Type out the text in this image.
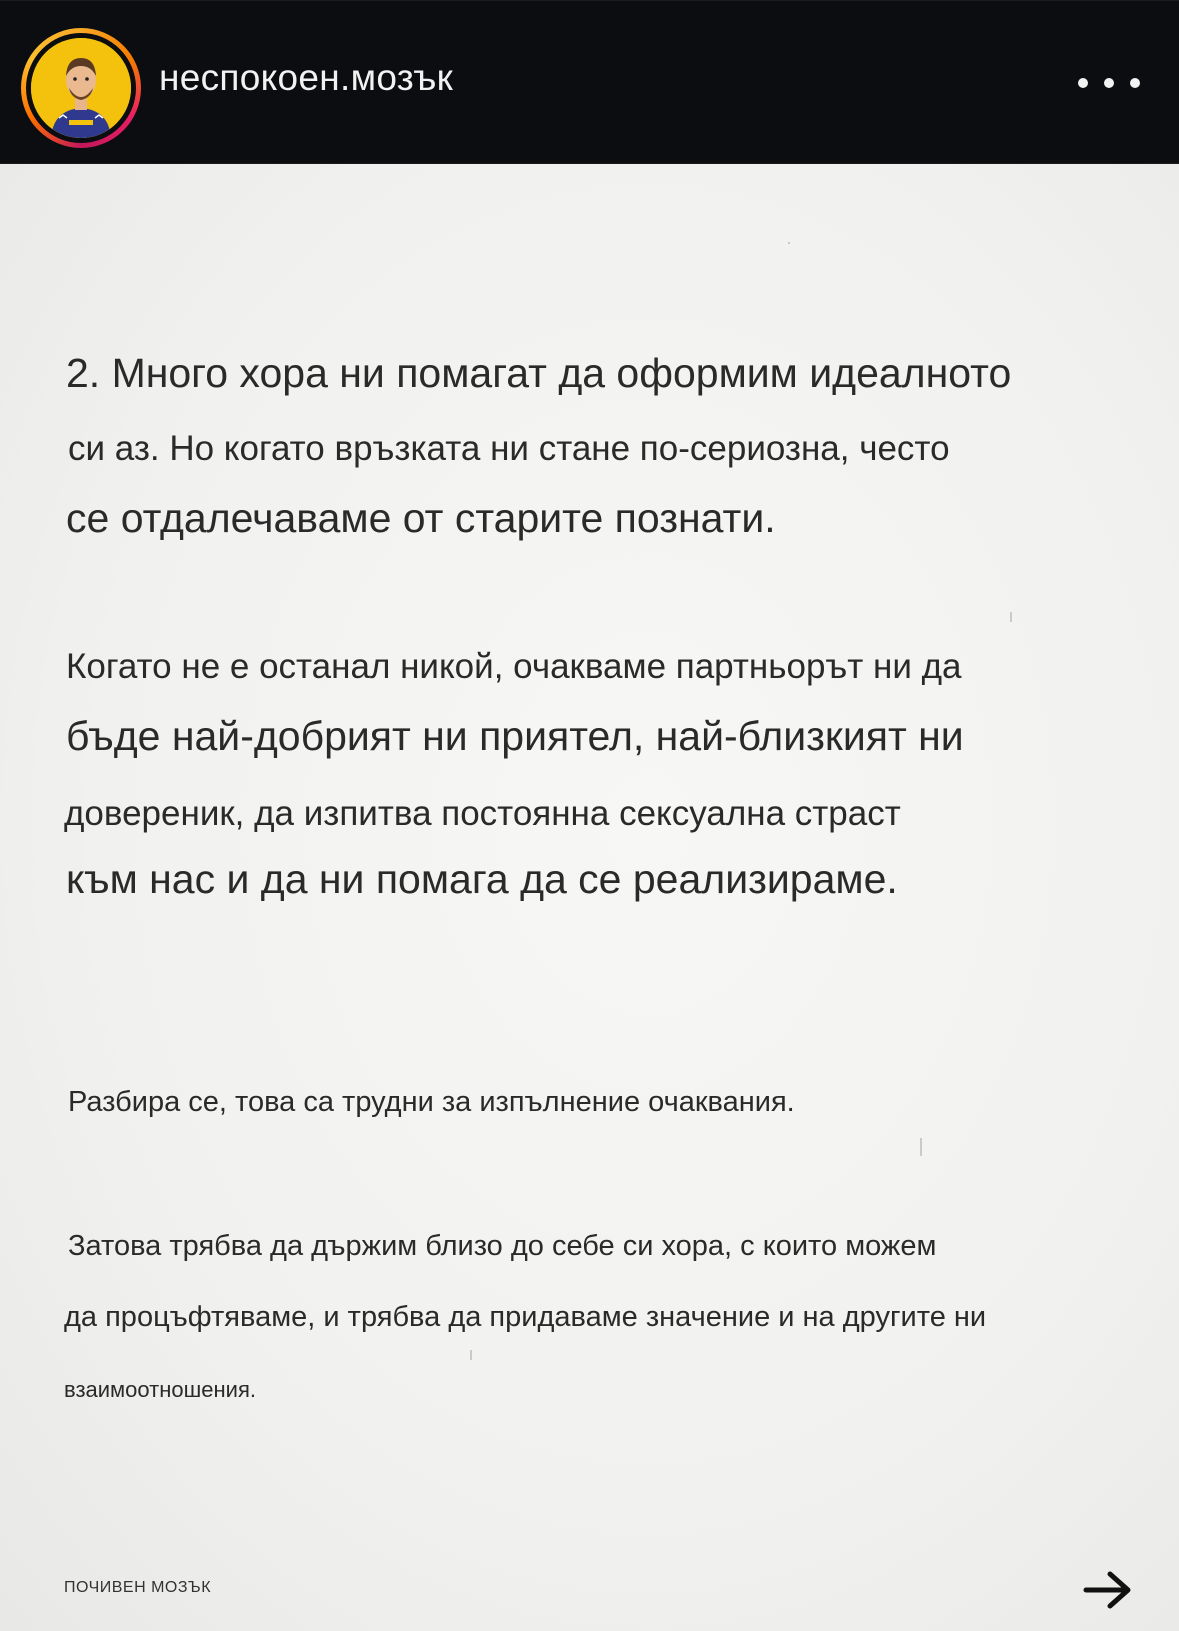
неспокоен.мозък

2. Много хора ни помагат да оформим идеалното

си аз. Но когато връзката ни стане по-сериозна, често

се отдалечаваме от старите познати.

Когато не е останал никой, очакваме партньорът ни да

бъде най-добрият ни приятел, най-близкият ни

довереник, да изпитва постоянна сексуална страст

към нас и да ни помага да се реализираме.

Разбира се, това са трудни за изпълнение очаквания.

Затова трябва да държим близо до себе си хора, с които можем

да процъфтяваме, и трябва да придаваме значение и на другите ни

взаимоотношения.

ПОЧИВЕН МОЗЪК
